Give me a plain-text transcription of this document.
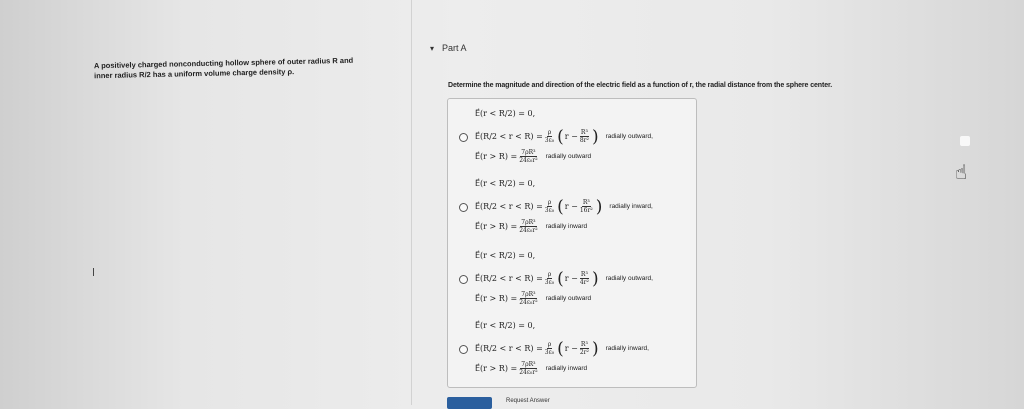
A positively charged nonconducting hollow sphere of outer radius R and
inner radius R/2 has a uniform volume charge density ρ.
▾ Part A
Determine the magnitude and direction of the electric field as a function of r, the radial distance from the sphere center.
E⃗(r < R/2) = 0,
E⃗(R/2 < $r < R) = \frac{\rho}{\text{3ε₀}}$ ( $r - \frac{\text{R³}}{\text{8r²}}$ ) radially outward,
E⃗(r > $R) = \frac{\text{7ρR³}}{\text{24ε₀r²}}$ radially outward
E⃗(r < R/2) = 0,
E⃗(R/2 < $r < R) = \frac{\rho}{\text{3ε₀}}$ ( $r - \frac{\text{R³}}{\text{16r²}}$ ) radially inward,
E⃗(r > $R) = \frac{\text{7ρR³}}{\text{24ε₀r²}}$ radially inward
E⃗(r < R/2) = 0,
E⃗(R/2 < $r < R) = \frac{\rho}{\text{3ε₀}}$ ( $r - \frac{\text{R³}}{\text{4r²}}$ ) radially outward,
E⃗(r > $R) = \frac{\text{7ρR³}}{\text{24ε₀r²}}$ radially outward
E⃗(r < R/2) = 0,
E⃗(R/2 < $r < R) = \frac{\rho}{\text{3ε₀}}$ ( $r - \frac{\text{R³}}{\text{2r²}}$ ) radially inward,
E⃗(r > $R) = \frac{\text{7ρR³}}{\text{24ε₀r²}}$ radially inward
Request Answer
☝
